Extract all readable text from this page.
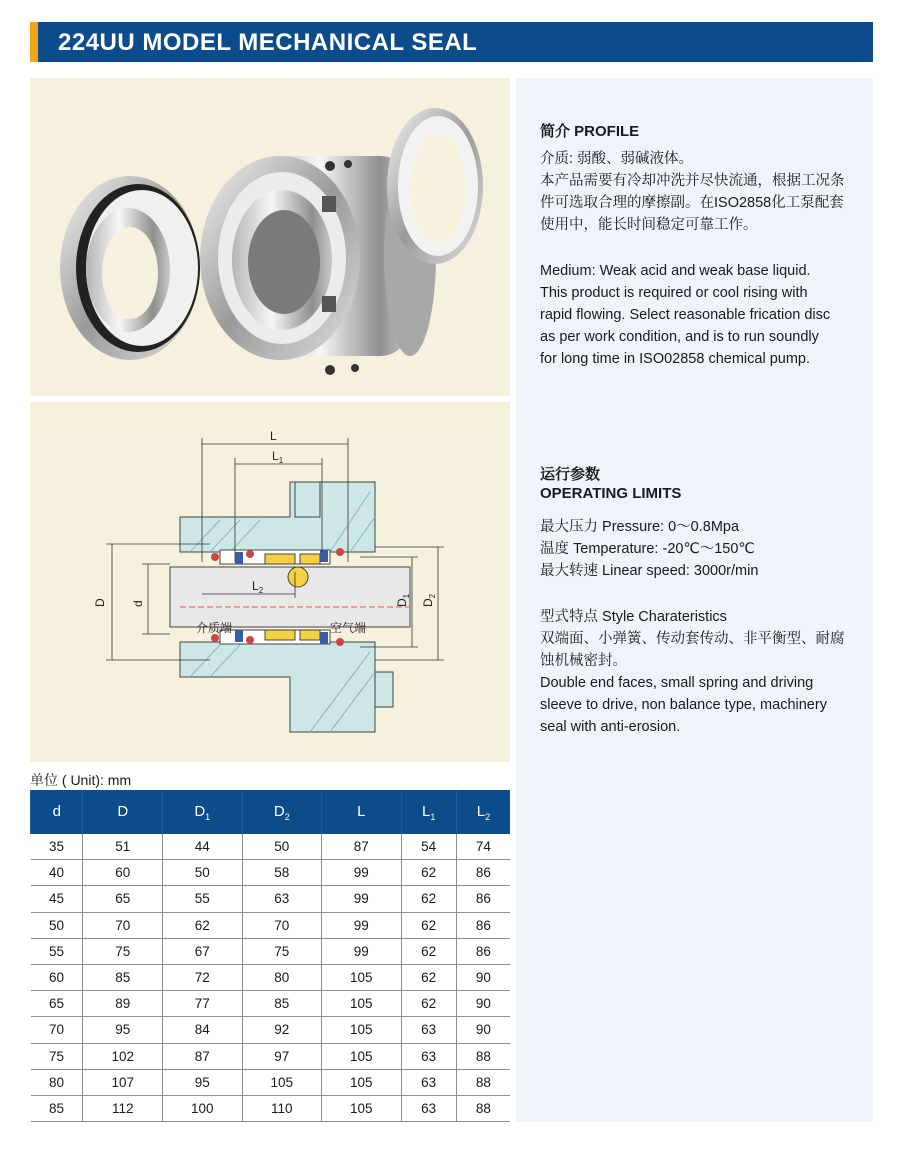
224UU MODEL MECHANICAL SEAL
L
$L_1$
$L_2$
D d	$D_1$
$D_2$
介质端	空气端
简介 PROFILE
介质: 弱酸、弱碱液体。
本产品需要有冷却冲洗并尽快流通，根据工况条
件可选取合理的摩擦副。在ISO2858化工泵配套
使用中，能长时间稳定可靠工作。
Medium: Weak acid and weak base liquid.
This product is required or cool rising with
rapid flowing. Select reasonable frication disc
as per work condition, and is to run soundly
for long time in ISO02858 chemical pump.
运行参数
OPERATING LIMITS
最大压力 Pressure: 0～0.8Mpa
温度 Temperature: -20℃～150℃
最大转速 Linear speed: 3000r/min
型式特点 Style Charateristics
双端面、小弹簧、传动套传动、非平衡型、耐腐
蚀机械密封。
Double end faces, small spring and driving
sleeve to drive, non balance type, machinery
seal with anti-erosion.
单位 ( Unit): mm
d	D	$D_1$	$D_2$	L	$L_1$	$L_2$
35	51	44	50	87	54	74
40	60	50	58	99	62	86
45	65	55	63	99	62	86
50	70	62	70	99	62	86
55	75	67	75	99	62	86
60	85	72	80	105	62	90
65	89	77	85	105	62	90
70	95	84	92	105	63	90
75	102	87	97	105	63	88
80	107	95	105	105	63	88
85	112	100	110	105	63	88
